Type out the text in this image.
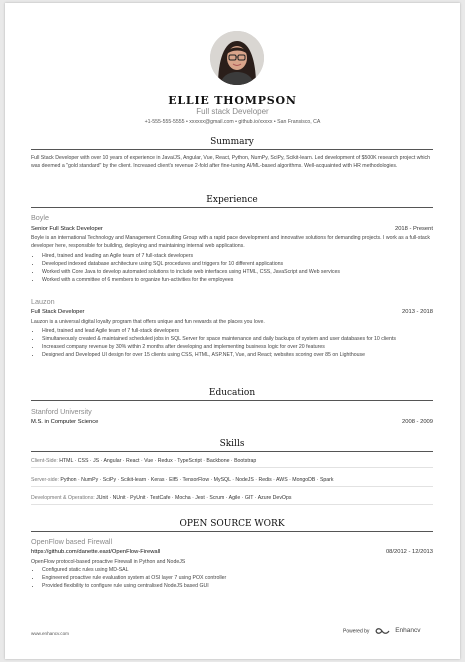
ELLIE THOMPSON
Full stack Developer
+1-555-555-5555 • xxxxxx@gmail.com • github.io/xxxxx • San Fransisco, CA
Summary
Full Stack Developer with over 10 years of experience in Java/JS, Angular, Vue, React, Python, NumPy, SciPy, Scikit-learn. Led development of $500K research project which was deemed a "gold standard" by the client. Increased client's revenue 2-fold after fine-tuning AI/ML-based algorithms. Well-acquainted with HR methodologies.
Experience
Boyle
Senior Full Stack Developer	2018 - Present
Boyle is an international Technology and Management Consulting Group with a rapid pace development and innovative solutions for demanding projects. I work as a full-stack developer here, responsible for building, deploying and maintaining internal web applications.
• Hired, trained and leading an Agile team of 7 full-stack developers
• Developed indexed database architecture using SQL procedures and triggers for 10 different applications
• Worked with Core Java to develop automated solutions to include web interfaces using HTML, CSS, JavaScript and Web services
• Worked with a committee of 6 members to organize fun-activities for the employees
Lauzon
Full Stack Developer	2013 - 2018
Lauzon is a universal digital loyalty program that offers unique and fun rewards at the places you love.
• Hired, trained and lead Agile team of 7 full-stack developers
• Simultaneously created & maintained scheduled jobs in SQL Server for space maintenance and daily backups of system and user databases for 10 clients
• Increased company revenue by 30% within 2 months after developing and implementing business logic for over 20 features
• Designed and Developed UI design for over 15 clients using CSS, HTML, ASP.NET, Vue, and React; websites scoring over 85 on Lighthouse
Education
Stanford University
M.S. in Computer Science	2008 - 2009
Skills
Client-Side: HTML · CSS · JS · Angular · React · Vue · Redux · TypeScript · Backbone · Bootstrap
Server-side: Python · NumPy · SciPy · Scikit-learn · Keras · Elf5 · TensorFlow · MySQL · NodeJS · Redis · AWS · MongoDB · Spark
Development & Operations: JUnit · NUnit · PyUnit · TestCafe · Mocha · Jest · Scrum · Agile · GIT · Azure DevOps
OPEN SOURCE WORK
OpenFlow based Firewall
https://github.com/danette.east/OpenFlow-Firewall	08/2012 - 12/2013
OpenFlow protocol-based proactive Firewall in Python and NodeJS
• Configured static rules using MD-SAL
• Engineered proactive rule evaluation system at OSI layer 7 using POX controller
• Provided flexibility to configure rule using centralised NodeJS based GUI
www.enhancv.com	Powered by	Enhancv
